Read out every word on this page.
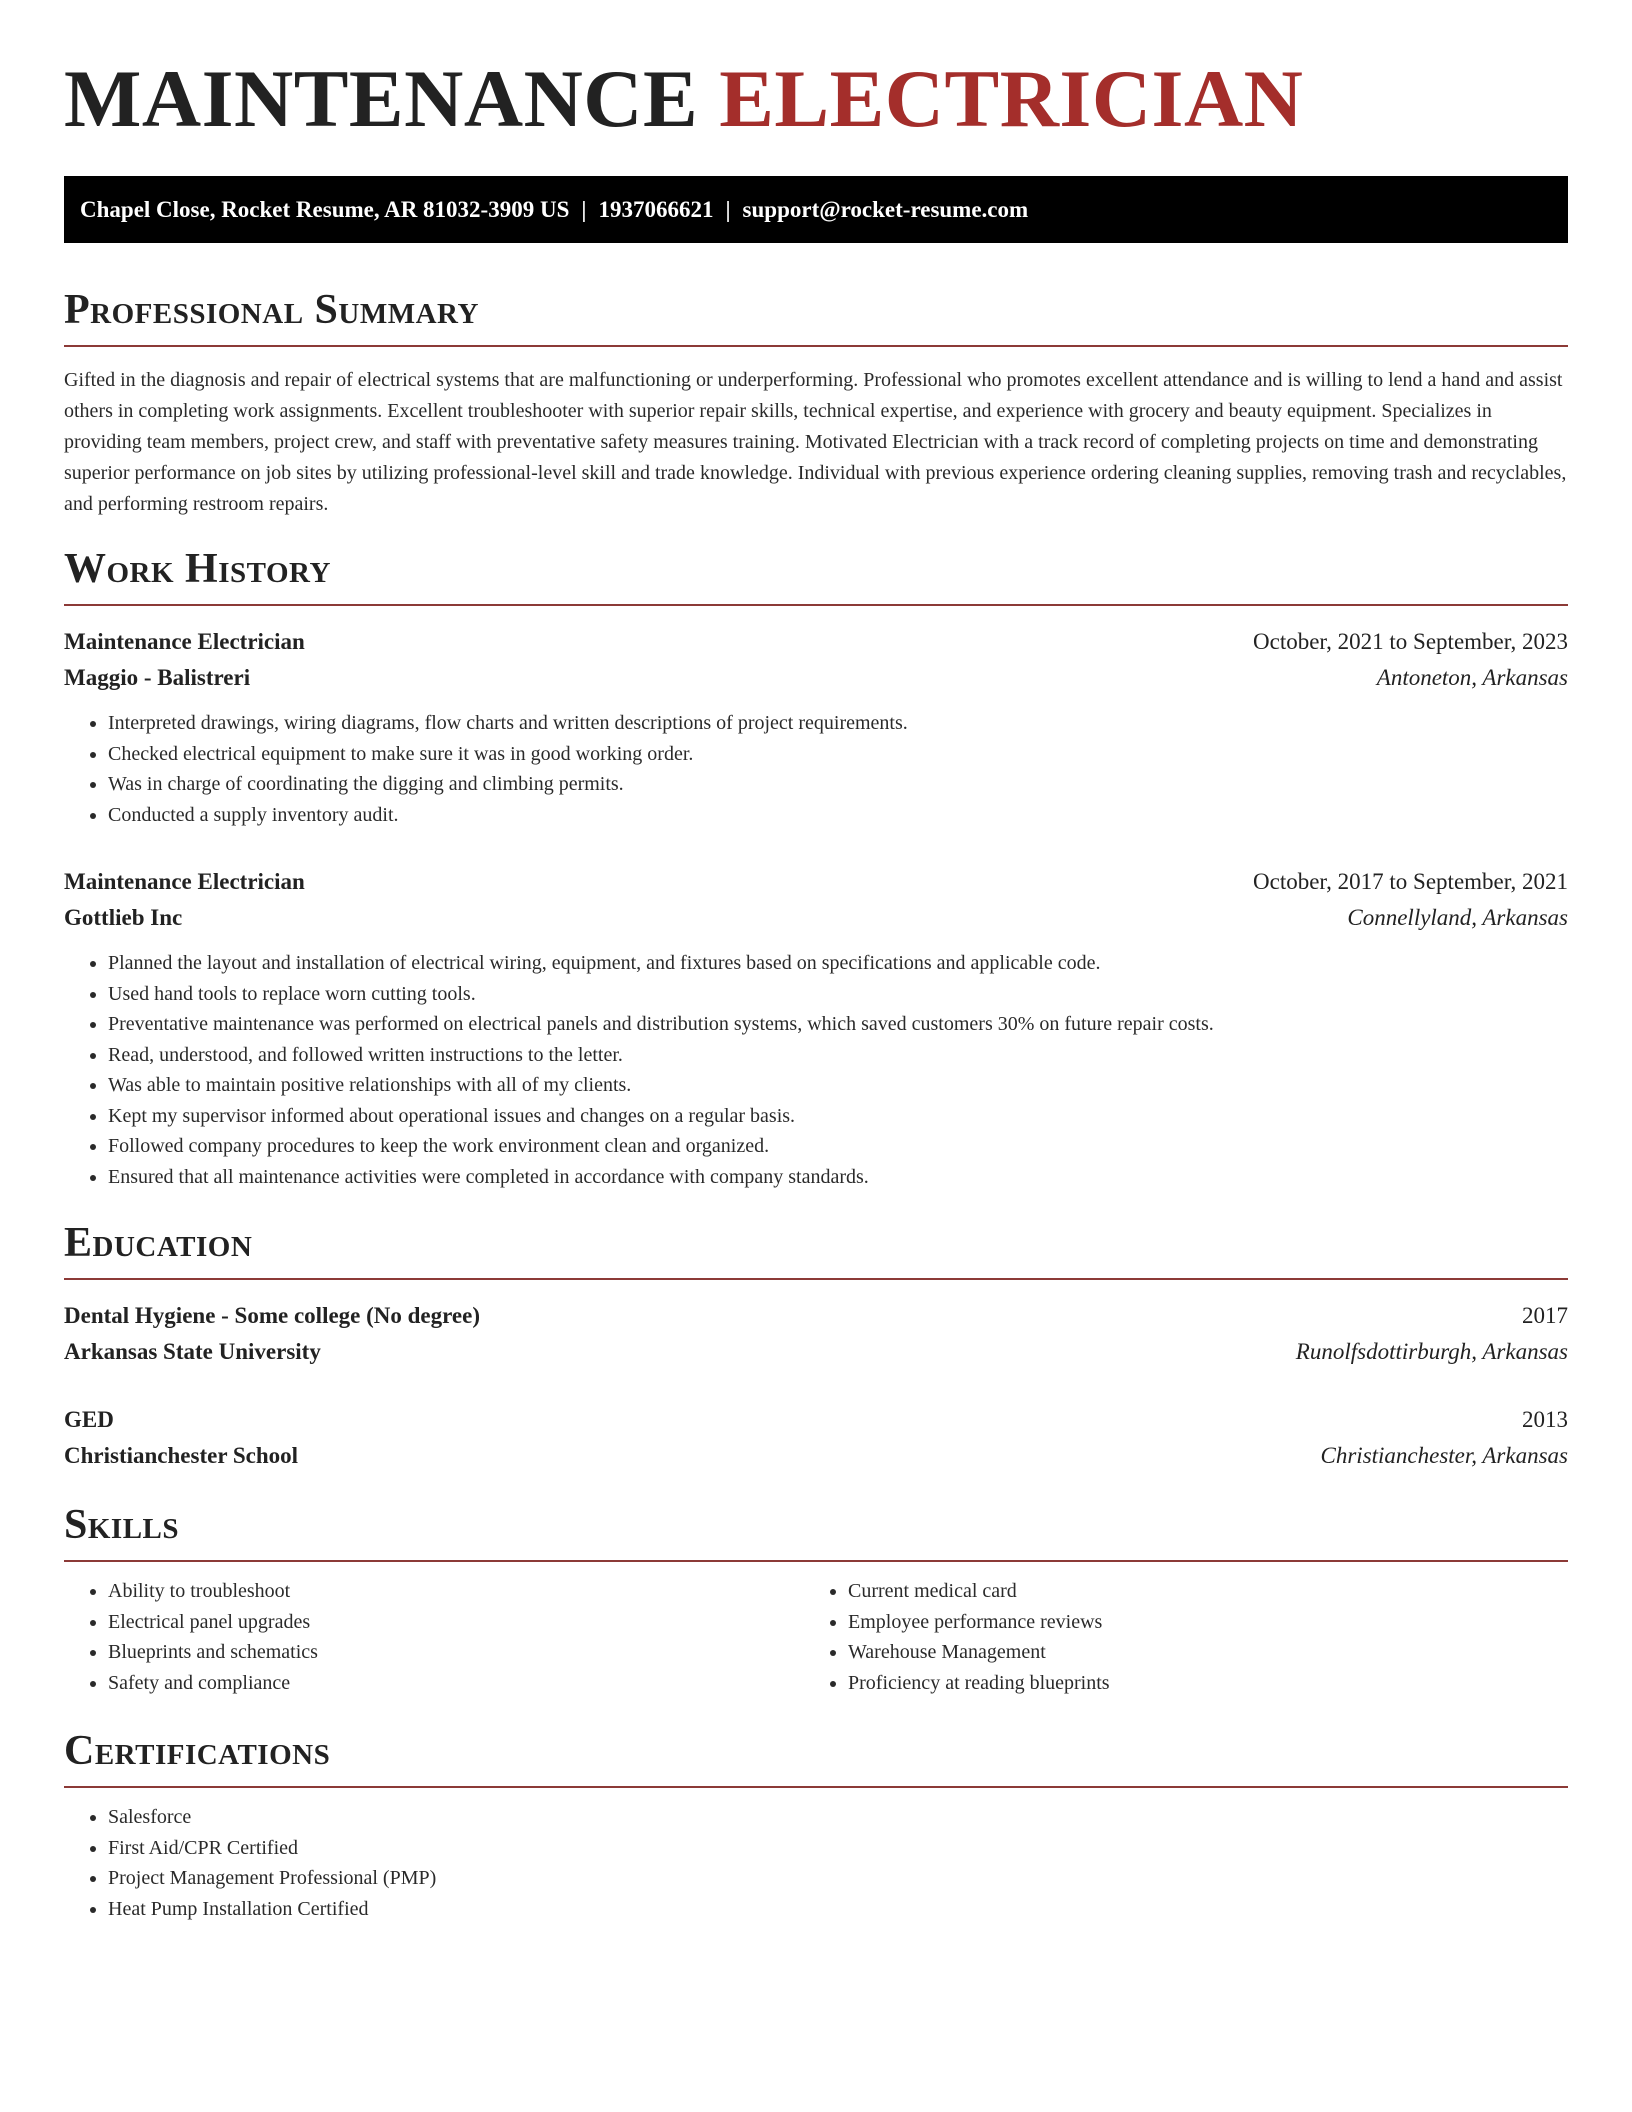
MAINTENANCE ELECTRICIAN
Chapel Close, Rocket Resume, AR 81032-3909 US | 1937066621 | support@rocket-resume.com
Professional Summary

Gifted in the diagnosis and repair of electrical systems that are malfunctioning or underperforming. Professional who promotes excellent attendance and is willing to lend a hand and assist others in completing work assignments. Excellent troubleshooter with superior repair skills, technical expertise, and experience with grocery and beauty equipment. Specializes in providing team members, project crew, and staff with preventative safety measures training. Motivated Electrician with a track record of completing projects on time and demonstrating superior performance on job sites by utilizing professional-level skill and trade knowledge. Individual with previous experience ordering cleaning supplies, removing trash and recyclables, and performing restroom repairs.

Work History
Maintenance Electrician	October, 2021 to September, 2023
Maggio - Balistreri	Antoneton, Arkansas
• Interpreted drawings, wiring diagrams, flow charts and written descriptions of project requirements.
• Checked electrical equipment to make sure it was in good working order.
• Was in charge of coordinating the digging and climbing permits.
• Conducted a supply inventory audit.
Maintenance Electrician	October, 2017 to September, 2021
Gottlieb Inc	Connellyland, Arkansas
• Planned the layout and installation of electrical wiring, equipment, and fixtures based on specifications and applicable code.
• Used hand tools to replace worn cutting tools.
• Preventative maintenance was performed on electrical panels and distribution systems, which saved customers 30% on future repair costs.
• Read, understood, and followed written instructions to the letter.
• Was able to maintain positive relationships with all of my clients.
• Kept my supervisor informed about operational issues and changes on a regular basis.
• Followed company procedures to keep the work environment clean and organized.
• Ensured that all maintenance activities were completed in accordance with company standards.
Education
Dental Hygiene - Some college (No degree)	2017
Arkansas State University	Runolfsdottirburgh, Arkansas
GED	2013
Christianchester School	Christianchester, Arkansas
Skills
• Ability to troubleshoot
• Electrical panel upgrades
• Blueprints and schematics
• Safety and compliance
• Current medical card
• Employee performance reviews
• Warehouse Management
• Proficiency at reading blueprints
Certifications
• Salesforce
• First Aid/CPR Certified
• Project Management Professional (PMP)
• Heat Pump Installation Certified
